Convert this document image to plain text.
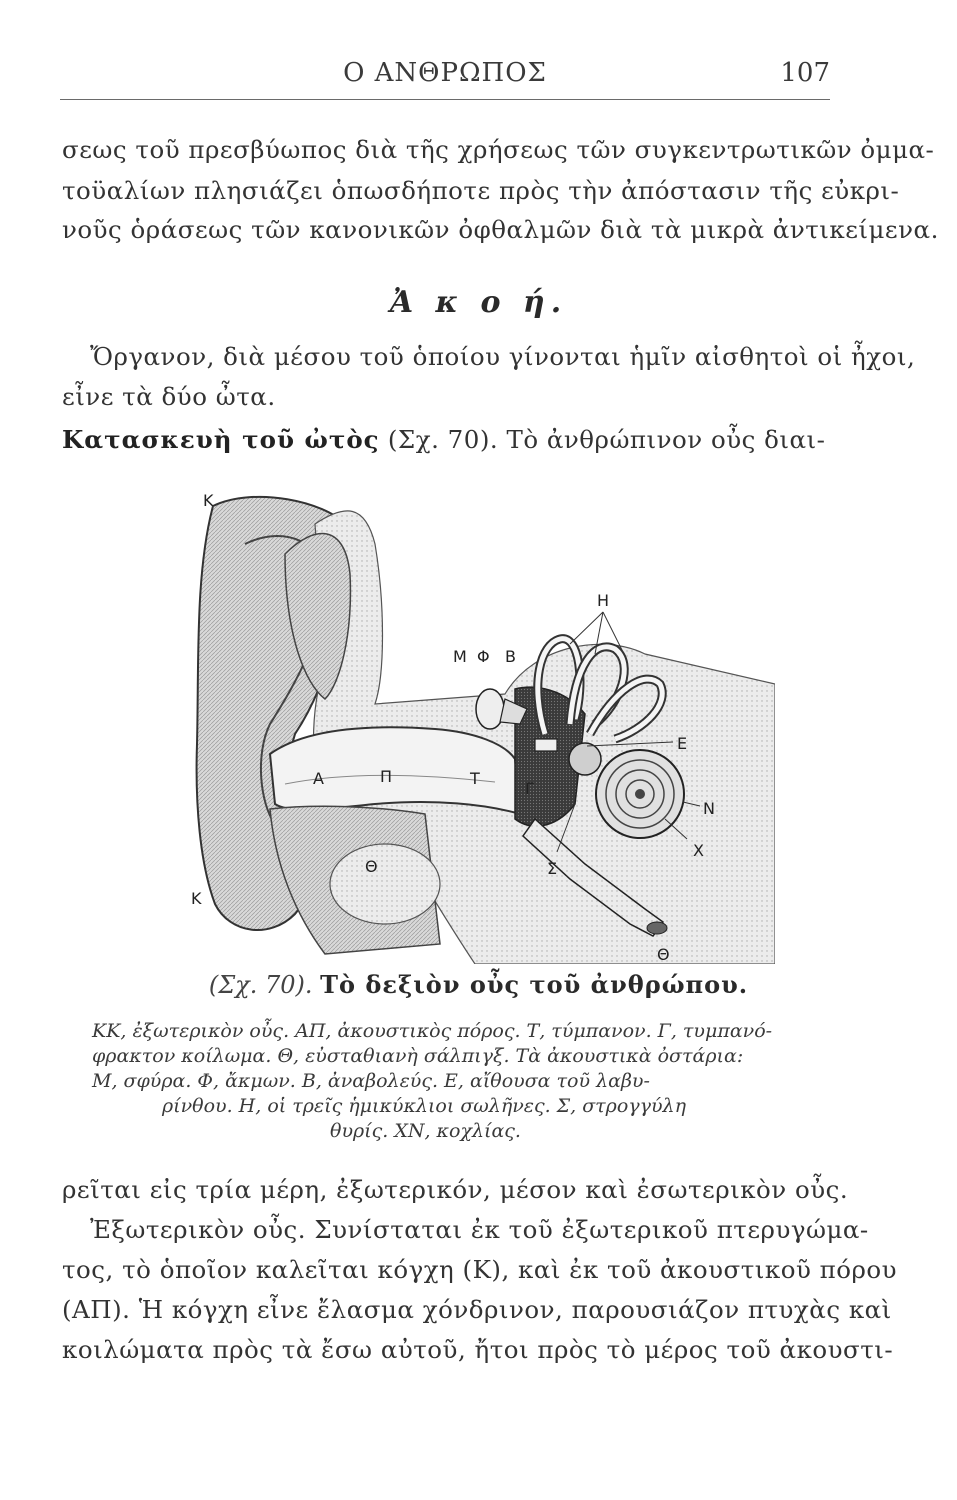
Ο ΑΝΘΡΩΠΟΣ	107
σεως τοῦ πρεσβύωπος διὰ τῆς χρήσεως τῶν συγκεντρωτικῶν ὀμμα-
τοϋαλίων πλησιάζει ὁπωσδήποτε πρὸς τὴν ἀπόστασιν τῆς εὐκρι-
νοῦς ὁράσεως τῶν κανονικῶν ὀφθαλμῶν διὰ τὰ μικρὰ ἀντικείμενα.
Ἀ κ ο ή.
Ὄργανον, διὰ μέσου τοῦ ὁποίου γίνονται ἡμῖν αἰσθητοὶ οἱ ἦχοι,
εἶνε τὰ δύο ὦτα.
Κατασκευὴ τοῦ ὠτὸς (Σχ. 70). Τὸ ἀνθρώπινον οὖς διαι-
Κ
Κ
Μ Φ Β
Η
Ε
Α	Π	Τ
Γ
Θ	Σ
Ν
Χ
Θ
(Σχ. 70). Τὸ δεξιὸν οὖς τοῦ ἀνθρώπου.
ΚΚ, ἐξωτερικὸν οὖς. ΑΠ, ἀκουστικὸς πόρος. Τ, τύμπανον. Γ, τυμπανό-
φρακτον κοίλωμα. Θ, εὐσταθιανὴ σάλπιγξ. Τὰ ἀκουστικὰ ὀστάρια:
Μ, σφύρα. Φ, ἄκμων. Β, ἀναβολεύς. Ε, αἴθουσα τοῦ λαβυ-
ρίνθου. Η, οἱ τρεῖς ἡμικύκλιοι σωλῆνες. Σ, στρογγύλη
θυρίς. ΧΝ, κοχλίας.
ρεῖται εἰς τρία μέρη, ἐξωτερικόν, μέσον καὶ ἐσωτερικὸν οὖς.
Ἐξωτερικὸν οὖς. Συνίσταται ἐκ τοῦ ἐξωτερικοῦ πτερυγώμα-
τος, τὸ ὁποῖον καλεῖται κόγχη (Κ), καὶ ἐκ τοῦ ἀκουστικοῦ πόρου
(ΑΠ). Ἡ κόγχη εἶνε ἔλασμα χόνδρινον, παρουσιάζον πτυχὰς καὶ
κοιλώματα πρὸς τὰ ἔσω αὐτοῦ, ἤτοι πρὸς τὸ μέρος τοῦ ἀκουστι-
